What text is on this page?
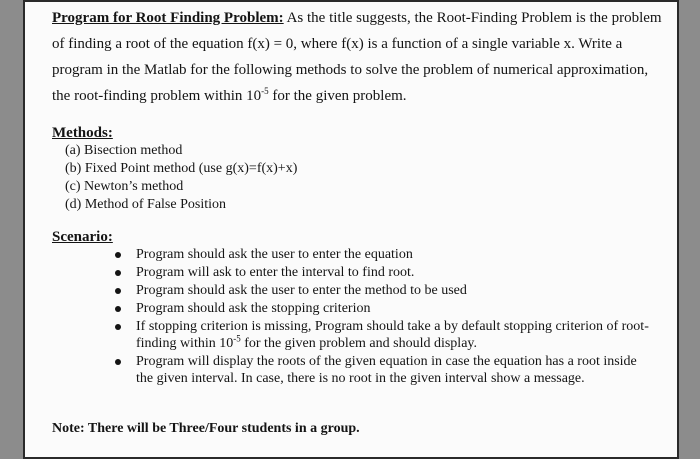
Program for Root Finding Problem: As the title suggests, the Root-Finding Problem is the problem
of finding a root of the equation f(x) = 0, where f(x) is a function of a single variable x. Write a
program in the Matlab for the following methods to solve the problem of numerical approximation,
the root-finding problem within $10^{-5}$ for the given problem.
Methods:
(a) Bisection method
(b) Fixed Point method (use g(x)=f(x)+x)
(c) Newton’s method
(d) Method of False Position
Scenario:
Program should ask the user to enter the equation
Program will ask to enter the interval to find root.
Program should ask the user to enter the method to be used
Program should ask the stopping criterion
If stopping criterion is missing, Program should take a by default stopping criterion of root-finding within $10^{-5}$ for the given problem and should display.
Program will display the roots of the given equation in case the equation has a root inside the given interval. In case, there is no root in the given interval show a message.
Note: There will be Three/Four students in a group.
